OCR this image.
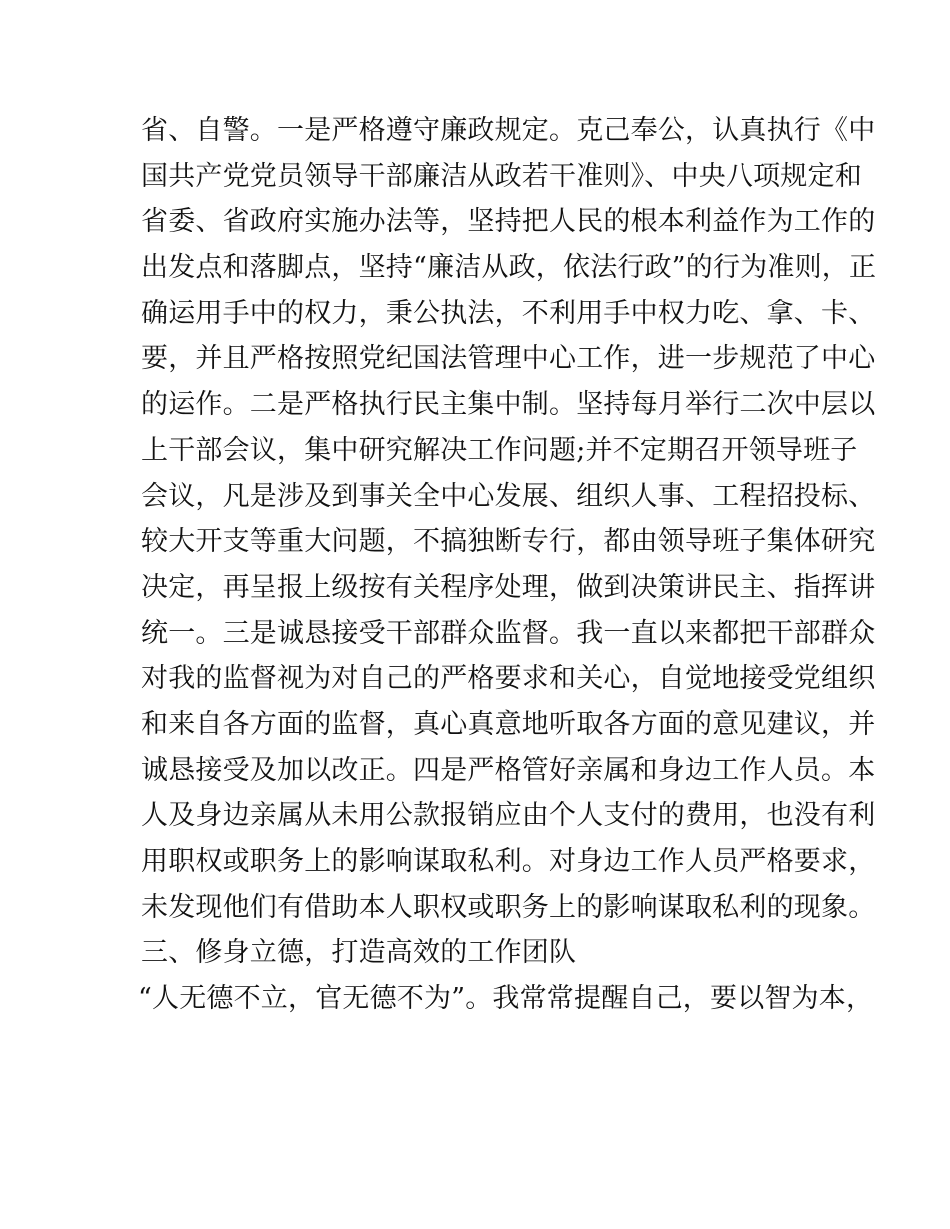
省、自警。一是严格遵守廉政规定。克己奉公，认真执行《中
国共产党党员领导干部廉洁从政若干准则》、中央八项规定和
省委、省政府实施办法等，坚持把人民的根本利益作为工作的
出发点和落脚点，坚持“廉洁从政，依法行政”的行为准则，正
确运用手中的权力，秉公执法，不利用手中权力吃、拿、卡、
要，并且严格按照党纪国法管理中心工作，进一步规范了中心
的运作。二是严格执行民主集中制。坚持每月举行二次中层以
上干部会议，集中研究解决工作问题;并不定期召开领导班子
会议，凡是涉及到事关全中心发展、组织人事、工程招投标、
较大开支等重大问题，不搞独断专行，都由领导班子集体研究
决定，再呈报上级按有关程序处理，做到决策讲民主、指挥讲
统一。三是诚恳接受干部群众监督。我一直以来都把干部群众
对我的监督视为对自己的严格要求和关心，自觉地接受党组织
和来自各方面的监督，真心真意地听取各方面的意见建议，并
诚恳接受及加以改正。四是严格管好亲属和身边工作人员。本
人及身边亲属从未用公款报销应由个人支付的费用，也没有利
用职权或职务上的影响谋取私利。对身边工作人员严格要求，
未发现他们有借助本人职权或职务上的影响谋取私利的现象。
三、修身立德，打造高效的工作团队
“人无德不立，官无德不为”。我常常提醒自己，要以智为本，
